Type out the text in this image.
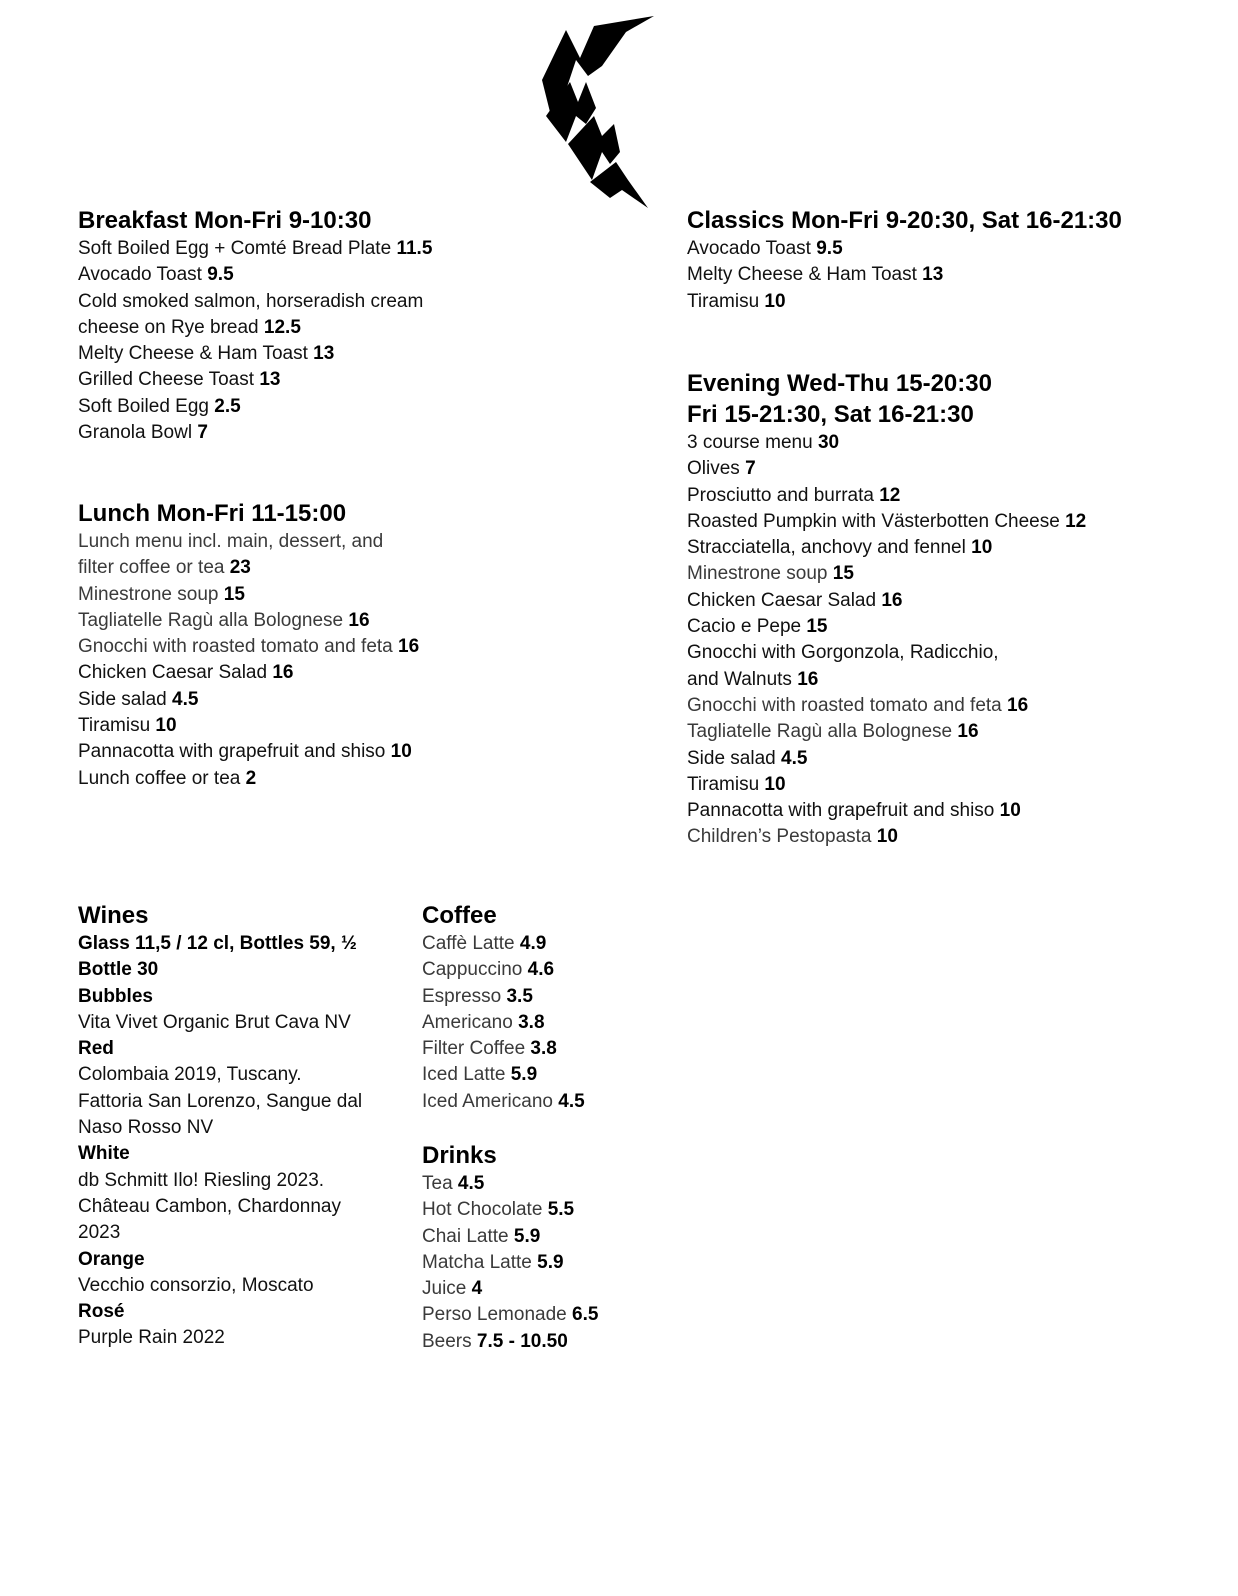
Breakfast Mon-Fri 9-10:30
Soft Boiled Egg + Comté Bread Plate 11.5
Avocado Toast 9.5
Cold smoked salmon, horseradish cream
cheese on Rye bread 12.5
Melty Cheese & Ham Toast 13
Grilled Cheese Toast 13
Soft Boiled Egg 2.5
Granola Bowl 7
Lunch Mon-Fri 11-15:00
Lunch menu incl. main, dessert, and
filter coffee or tea 23
Minestrone soup 15
Tagliatelle Ragù alla Bolognese 16
Gnocchi with roasted tomato and feta 16
Chicken Caesar Salad 16
Side salad 4.5
Tiramisu 10
Pannacotta with grapefruit and shiso 10
Lunch coffee or tea 2
Classics Mon-Fri 9-20:30, Sat 16-21:30
Avocado Toast 9.5
Melty Cheese & Ham Toast 13
Tiramisu 10
Evening Wed-Thu 15-20:30
Fri 15-21:30, Sat 16-21:30
3 course menu 30
Olives 7
Prosciutto and burrata 12
Roasted Pumpkin with Västerbotten Cheese 12
Stracciatella, anchovy and fennel 10
Minestrone soup 15
Chicken Caesar Salad 16
Cacio e Pepe 15
Gnocchi with Gorgonzola, Radicchio,
and Walnuts 16
Gnocchi with roasted tomato and feta 16
Tagliatelle Ragù alla Bolognese 16
Side salad 4.5
Tiramisu 10
Pannacotta with grapefruit and shiso 10
Children’s Pestopasta 10
Wines
Glass 11,5 / 12 cl, Bottles 59, ½
Bottle 30
Bubbles
Vita Vivet Organic Brut Cava NV
Red
Colombaia 2019, Tuscany.
Fattoria San Lorenzo, Sangue dal
Naso Rosso NV
White
db Schmitt Ilo! Riesling 2023.
Château Cambon, Chardonnay
2023
Orange
Vecchio consorzio, Moscato
Rosé
Purple Rain 2022
Coffee
Caffè Latte 4.9
Cappuccino 4.6
Espresso 3.5
Americano 3.8
Filter Coffee 3.8
Iced Latte 5.9
Iced Americano 4.5
Drinks
Tea 4.5
Hot Chocolate 5.5
Chai Latte 5.9
Matcha Latte 5.9
Juice 4
Perso Lemonade 6.5
Beers 7.5 - 10.50
